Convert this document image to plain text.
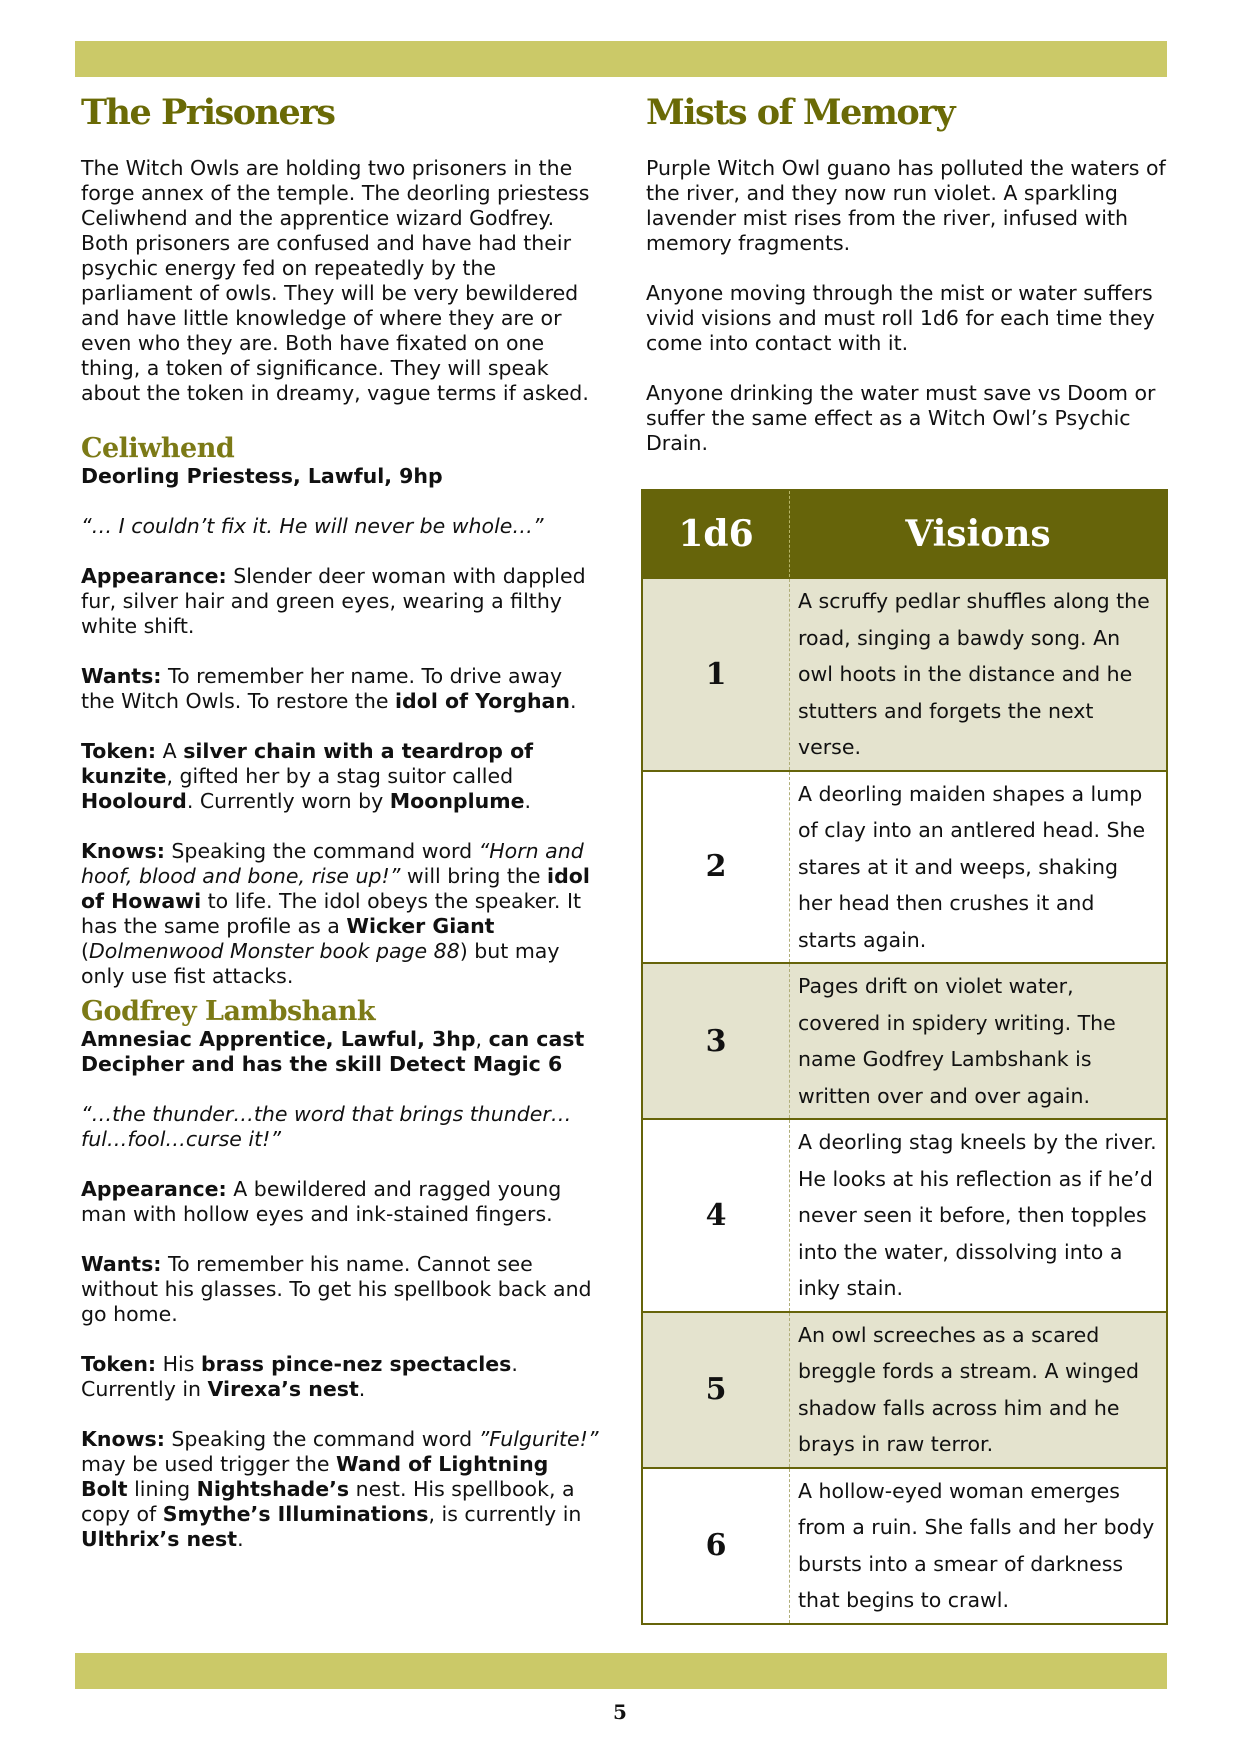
The Prisoners

The Witch Owls are holding two prisoners in the forge annex of the temple. The deorling priestess Celiwhend and the apprentice wizard Godfrey. Both prisoners are confused and have had their psychic energy fed on repeatedly by the parliament of owls. They will be very bewildered and have little knowledge of where they are or even who they are. Both have fixated on one thing, a token of significance. They will speak about the token in dreamy, vague terms if asked.

Celiwhend

Deorling Priestess, Lawful, 9hp

“… I couldn’t fix it. He will never be whole…”

Appearance: Slender deer woman with dappled fur, silver hair and green eyes, wearing a filthy white shift.

Wants: To remember her name. To drive away the Witch Owls. To restore the idol of Yorghan.

Token: A silver chain with a teardrop of kunzite, gifted her by a stag suitor called Hoolourd. Currently worn by Moonplume.

Knows: Speaking the command word “Horn and hoof, blood and bone, rise up!” will bring the idol of Howawi to life. The idol obeys the speaker. It has the same profile as a Wicker Giant (Dolmenwood Monster book page 88) but may only use fist attacks.

Godfrey Lambshank

Amnesiac Apprentice, Lawful, 3hp, can cast Decipher and has the skill Detect Magic 6

“…the thunder…the word that brings thunder…ful…fool…curse it!”

Appearance: A bewildered and ragged young man with hollow eyes and ink-stained fingers.

Wants: To remember his name. Cannot see without his glasses. To get his spellbook back and go home.

Token: His brass pince-nez spectacles. Currently in Virexa’s nest.

Knows: Speaking the command word ”Fulgurite!” may be used trigger the Wand of Lightning Bolt lining Nightshade’s nest. His spellbook, a copy of Smythe’s Illuminations, is currently in Ulthrix’s nest.

Mists of Memory

Purple Witch Owl guano has polluted the waters of the river, and they now run violet. A sparkling lavender mist rises from the river, infused with memory fragments.

Anyone moving through the mist or water suffers vivid visions and must roll 1d6 for each time they come into contact with it.

Anyone drinking the water must save vs Doom or suffer the same effect as a Witch Owl’s Psychic Drain.

1d6	Visions
1	A scruffy pedlar shuffles along the road, singing a bawdy song. An owl hoots in the distance and he stutters and forgets the next verse.
2	A deorling maiden shapes a lump of clay into an antlered head. She stares at it and weeps, shaking her head then crushes it and starts again.
3	Pages drift on violet water, covered in spidery writing. The name Godfrey Lambshank is written over and over again.
4	A deorling stag kneels by the river. He looks at his reflection as if he’d never seen it before, then topples into the water, dissolving into a inky stain.
5	An owl screeches as a scared breggle fords a stream. A winged shadow falls across him and he brays in raw terror.
6	A hollow-eyed woman emerges from a ruin. She falls and her body bursts into a smear of darkness that begins to crawl.
5
